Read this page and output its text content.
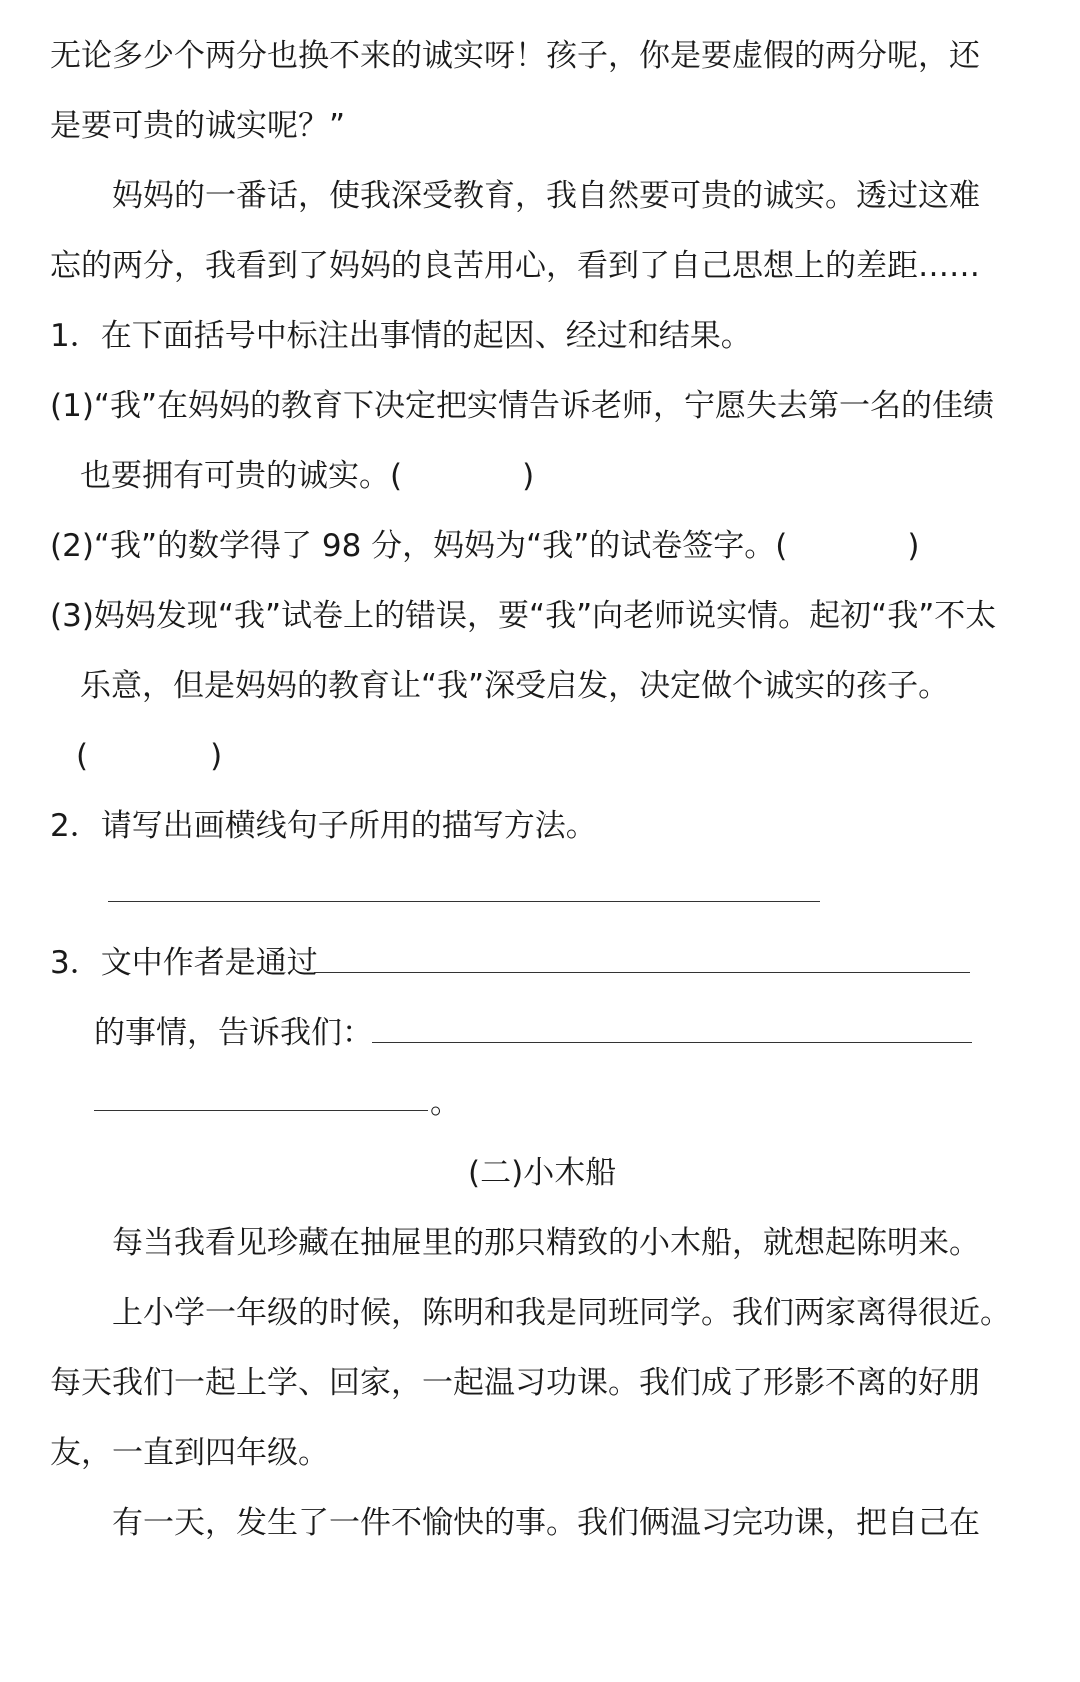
无论多少个两分也换不来的诚实呀！孩子，你是要虚假的两分呢，还

是要可贵的诚实呢？”

妈妈的一番话，使我深受教育，我自然要可贵的诚实。透过这难

忘的两分，我看到了妈妈的良苦用心，看到了自己思想上的差距……

1．在下面括号中标注出事情的起因、经过和结果。

(1)“我”在妈妈的教育下决定把实情告诉老师，宁愿失去第一名的佳绩

也要拥有可贵的诚实。(	)

(2)“我”的数学得了 98 分，妈妈为“我”的试卷签字。(	)

(3)妈妈发现“我”试卷上的错误，要“我”向老师说实情。起初“我”不太

乐意，但是妈妈的教育让“我”深受启发，决定做个诚实的孩子。

(	)

2．请写出画横线句子所用的描写方法。

3．文中作者是通过

的事情，告诉我们：

。

(二)小木船

每当我看见珍藏在抽屉里的那只精致的小木船，就想起陈明来。

上小学一年级的时候，陈明和我是同班同学。我们两家离得很近。

每天我们一起上学、回家，一起温习功课。我们成了形影不离的好朋

友，一直到四年级。

有一天，发生了一件不愉快的事。我们俩温习完功课，把自己在
